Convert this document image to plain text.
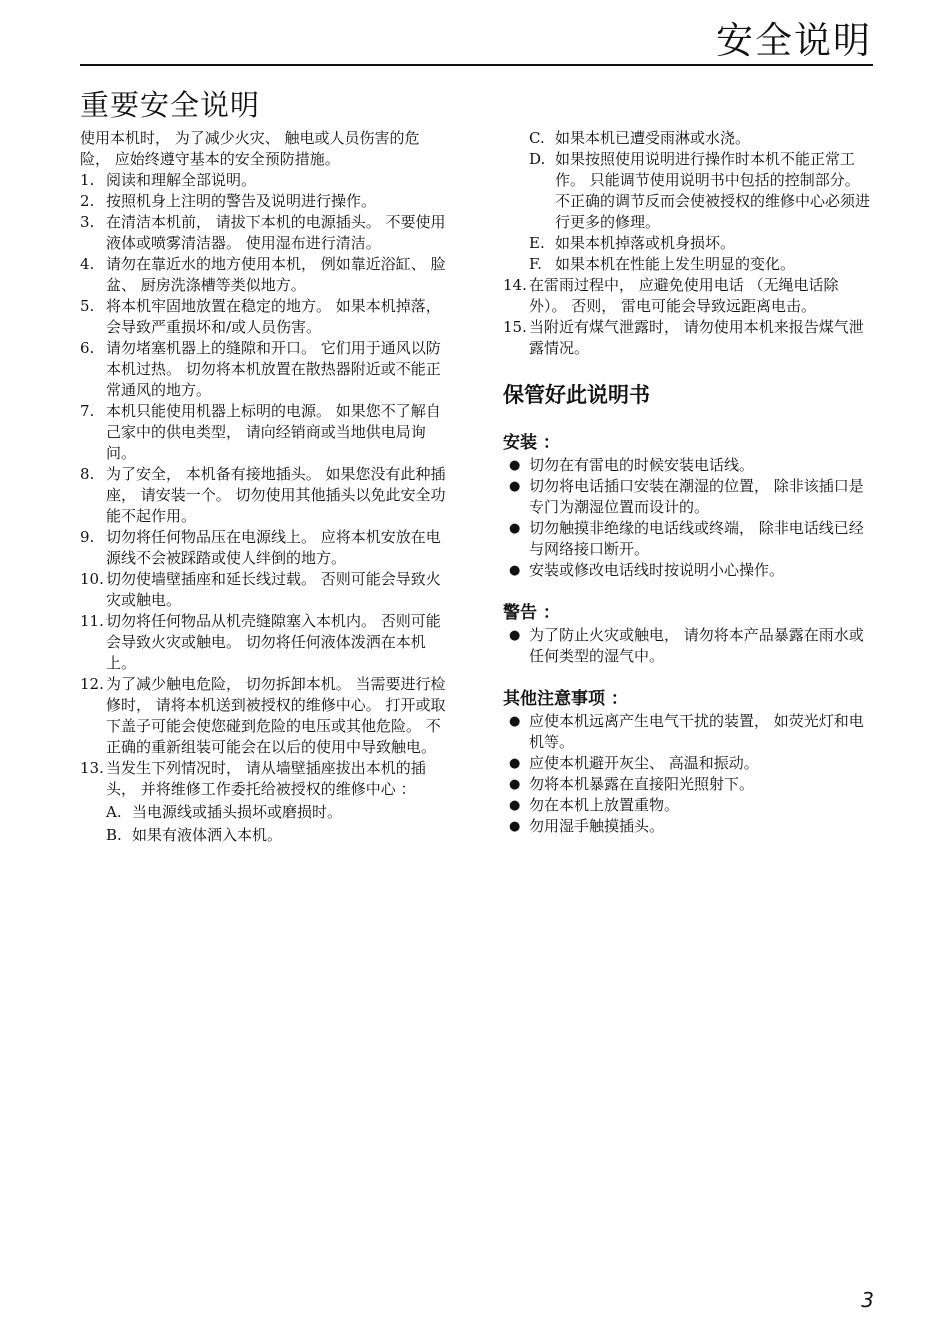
安全说明
重要安全说明

使用本机时， 为了减少火灾、 触电或人员伤害的危险， 应始终遵守基本的安全预防措施。

1. 阅读和理解全部说明。
2. 按照机身上注明的警告及说明进行操作。
3. 在清洁本机前， 请拔下本机的电源插头。 不要使用液体或喷雾清洁器。 使用湿布进行清洁。
4. 请勿在靠近水的地方使用本机， 例如靠近浴缸、 脸盆、 厨房洗涤槽等类似地方。
5. 将本机牢固地放置在稳定的地方。 如果本机掉落， 会导致严重损坏和/或人员伤害。
6. 请勿堵塞机器上的缝隙和开口。 它们用于通风以防本机过热。 切勿将本机放置在散热器附近或不能正常通风的地方。
7. 本机只能使用机器上标明的电源。 如果您不了解自己家中的供电类型， 请向经销商或当地供电局询问。
8. 为了安全， 本机备有接地插头。 如果您没有此种插座， 请安装一个。 切勿使用其他插头以免此安全功能不起作用。
9. 切勿将任何物品压在电源线上。 应将本机安放在电源线不会被踩踏或使人绊倒的地方。
10. 切勿使墙壁插座和延长线过载。 否则可能会导致火灾或触电。
11. 切勿将任何物品从机壳缝隙塞入本机内。 否则可能会导致火灾或触电。 切勿将任何液体泼洒在本机上。
12. 为了减少触电危险， 切勿拆卸本机。 当需要进行检修时， 请将本机送到被授权的维修中心。 打开或取下盖子可能会使您碰到危险的电压或其他危险。 不正确的重新组装可能会在以后的使用中导致触电。
13. 当发生下列情况时， 请从墙壁插座拔出本机的插头， 并将维修工作委托给被授权的维修中心 ：
A. 当电源线或插头损坏或磨损时。
B. 如果有液体洒入本机。
C. 如果本机已遭受雨淋或水浇。
D. 如果按照使用说明进行操作时本机不能正常工作。 只能调节使用说明书中包括的控制部分。 不正确的调节反而会使被授权的维修中心必须进行更多的修理。
E. 如果本机掉落或机身损坏。
F. 如果本机在性能上发生明显的变化。
14. 在雷雨过程中， 应避免使用电话 （无绳电话除外）。 否则， 雷电可能会导致远距离电击。
15. 当附近有煤气泄露时， 请勿使用本机来报告煤气泄露情况。
保管好此说明书
安装 ：
● 切勿在有雷电的时候安装电话线。
● 切勿将电话插口安装在潮湿的位置， 除非该插口是专门为潮湿位置而设计的。
● 切勿触摸非绝缘的电话线或终端， 除非电话线已经与网络接口断开。
● 安装或修改电话线时按说明小心操作。
警告 ：
● 为了防止火灾或触电， 请勿将本产品暴露在雨水或任何类型的湿气中。
其他注意事项 ：
● 应使本机远离产生电气干扰的装置， 如荧光灯和电机等。
● 应使本机避开灰尘、 高温和振动。
● 勿将本机暴露在直接阳光照射下。
● 勿在本机上放置重物。
● 勿用湿手触摸插头。
3
